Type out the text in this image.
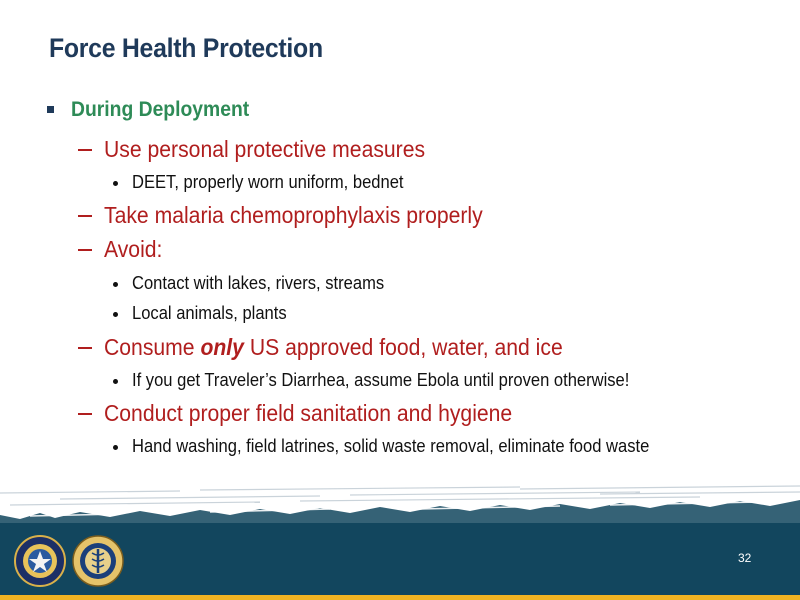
Force Health Protection
During Deployment
Use personal protective measures
DEET, properly worn uniform, bednet
Take malaria chemoprophylaxis properly
Avoid:
Contact with lakes, rivers, streams
Local animals, plants
Consume only US approved food, water, and ice
If you get Traveler’s Diarrhea, assume Ebola until proven otherwise!
Conduct proper field sanitation and hygiene
Hand washing, field latrines, solid waste removal, eliminate food waste
32
